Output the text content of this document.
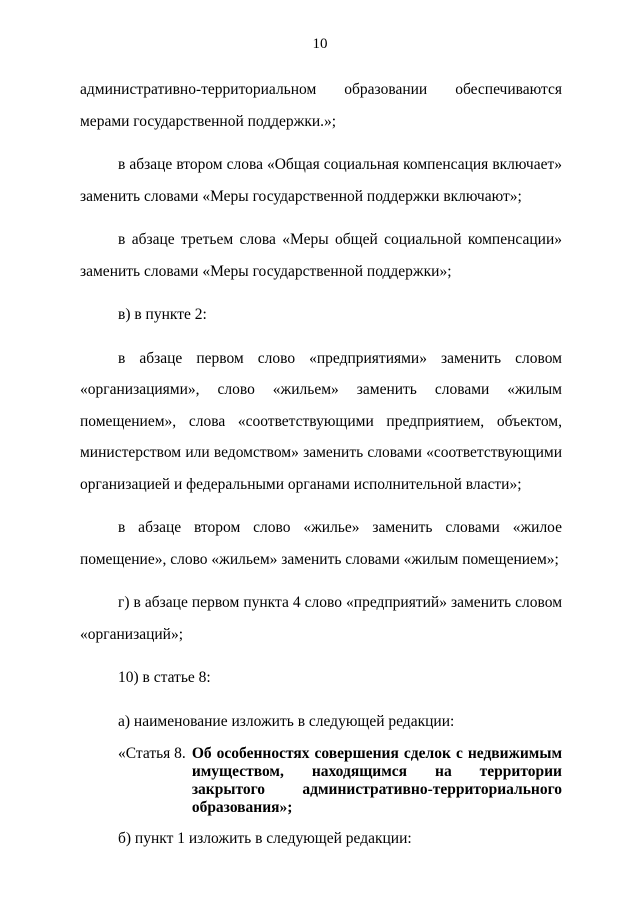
10

административно-территориальном образовании обеспечиваются мерами государственной поддержки.»;

в абзаце втором слова «Общая социальная компенсация включает» заменить словами «Меры государственной поддержки включают»;

в абзаце третьем слова «Меры общей социальной компенсации» заменить словами «Меры государственной поддержки»;

в) в пункте 2:

в абзаце первом слово «предприятиями» заменить словом «организациями», слово «жильем» заменить словами «жилым помещением», слова «соответствующими предприятием, объектом, министерством или ведомством» заменить словами «соответствующими организацией и федеральными органами исполнительной власти»;

в абзаце втором слово «жилье» заменить словами «жилое помещение», слово «жильем» заменить словами «жилым помещением»;

г) в абзаце первом пункта 4 слово «предприятий» заменить словом «организаций»;

10) в статье 8:

а) наименование изложить в следующей редакции:

«Статья 8. Об особенностях совершения сделок с недвижимым имуществом, находящимся на территории закрытого административно-территориального образования»;

б) пункт 1 изложить в следующей редакции:
